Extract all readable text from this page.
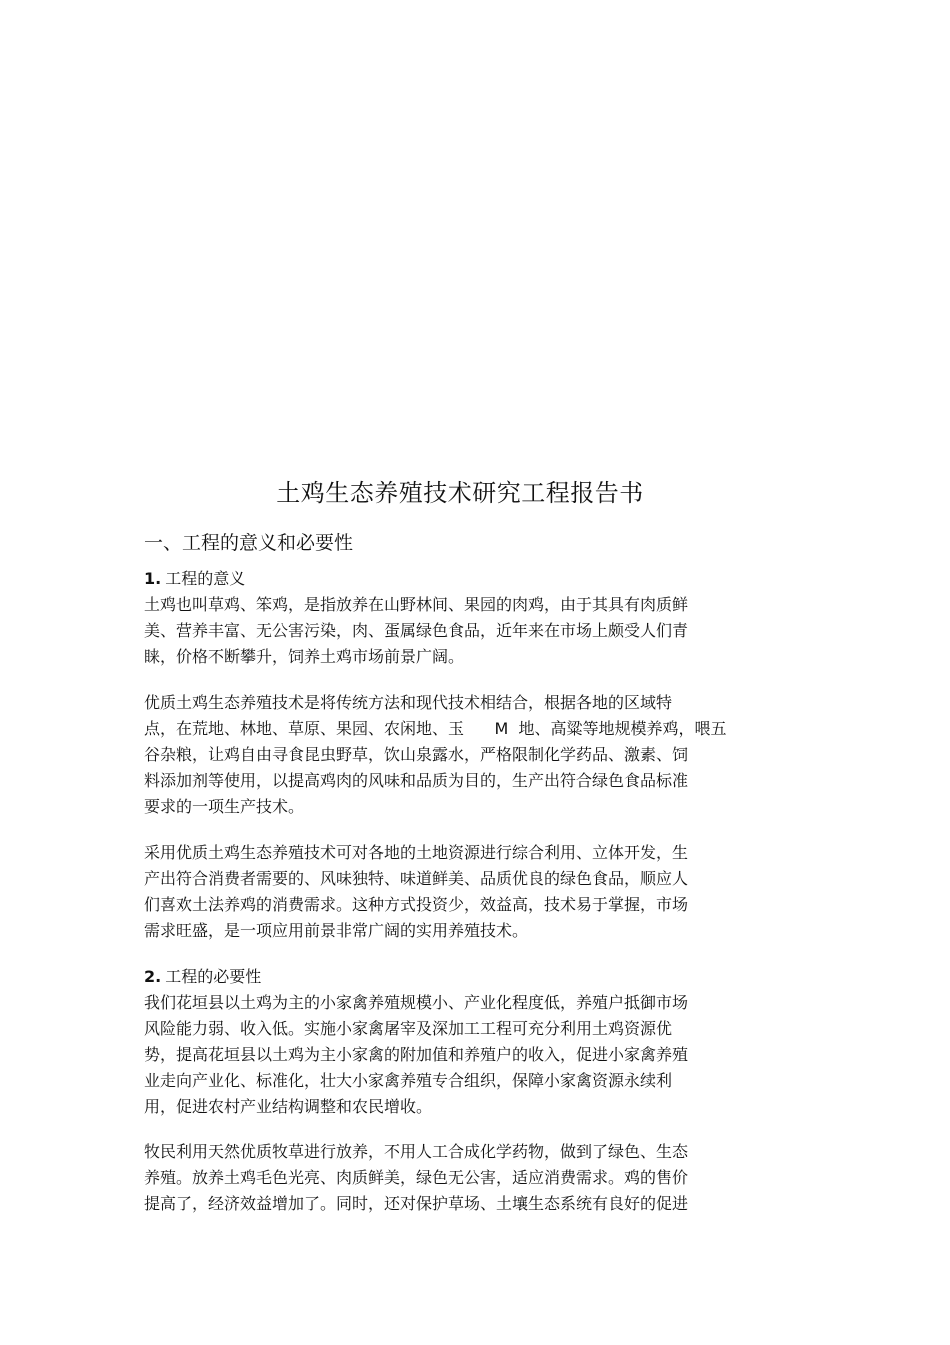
土鸡生态养殖技术研究工程报告书
一、工程的意义和必要性
1. 工程的意义
土鸡也叫草鸡、笨鸡，是指放养在山野林间、果园的肉鸡，由于其具有肉质鲜
美、营养丰富、无公害污染，肉、蛋属绿色食品，近年来在市场上颇受人们青
睐，价格不断攀升，饲养土鸡市场前景广阔。
优质土鸡生态养殖技术是将传统方法和现代技术相结合，根据各地的区域特
点，在荒地、林地、草原、果园、农闲地、玉      M  地、高粱等地规模养鸡，喂五
谷杂粮，让鸡自由寻食昆虫野草，饮山泉露水，严格限制化学药品、激素、饲
料添加剂等使用，以提高鸡肉的风味和品质为目的，生产出符合绿色食品标准
要求的一项生产技术。
采用优质土鸡生态养殖技术可对各地的土地资源进行综合利用、立体开发，生
产出符合消费者需要的、风味独特、味道鲜美、品质优良的绿色食品，顺应人
们喜欢土法养鸡的消费需求。这种方式投资少，效益高，技术易于掌握，市场
需求旺盛，是一项应用前景非常广阔的实用养殖技术。
2. 工程的必要性
我们花垣县以土鸡为主的小家禽养殖规模小、产业化程度低，养殖户抵御市场
风险能力弱、收入低。实施小家禽屠宰及深加工工程可充分利用土鸡资源优
势，提高花垣县以土鸡为主小家禽的附加值和养殖户的收入，促进小家禽养殖
业走向产业化、标准化，壮大小家禽养殖专合组织，保障小家禽资源永续利
用，促进农村产业结构调整和农民增收。
牧民利用天然优质牧草进行放养，不用人工合成化学药物，做到了绿色、生态
养殖。放养土鸡毛色光亮、肉质鲜美，绿色无公害，适应消费需求。鸡的售价
提高了，经济效益增加了。同时，还对保护草场、土壤生态系统有良好的促进
